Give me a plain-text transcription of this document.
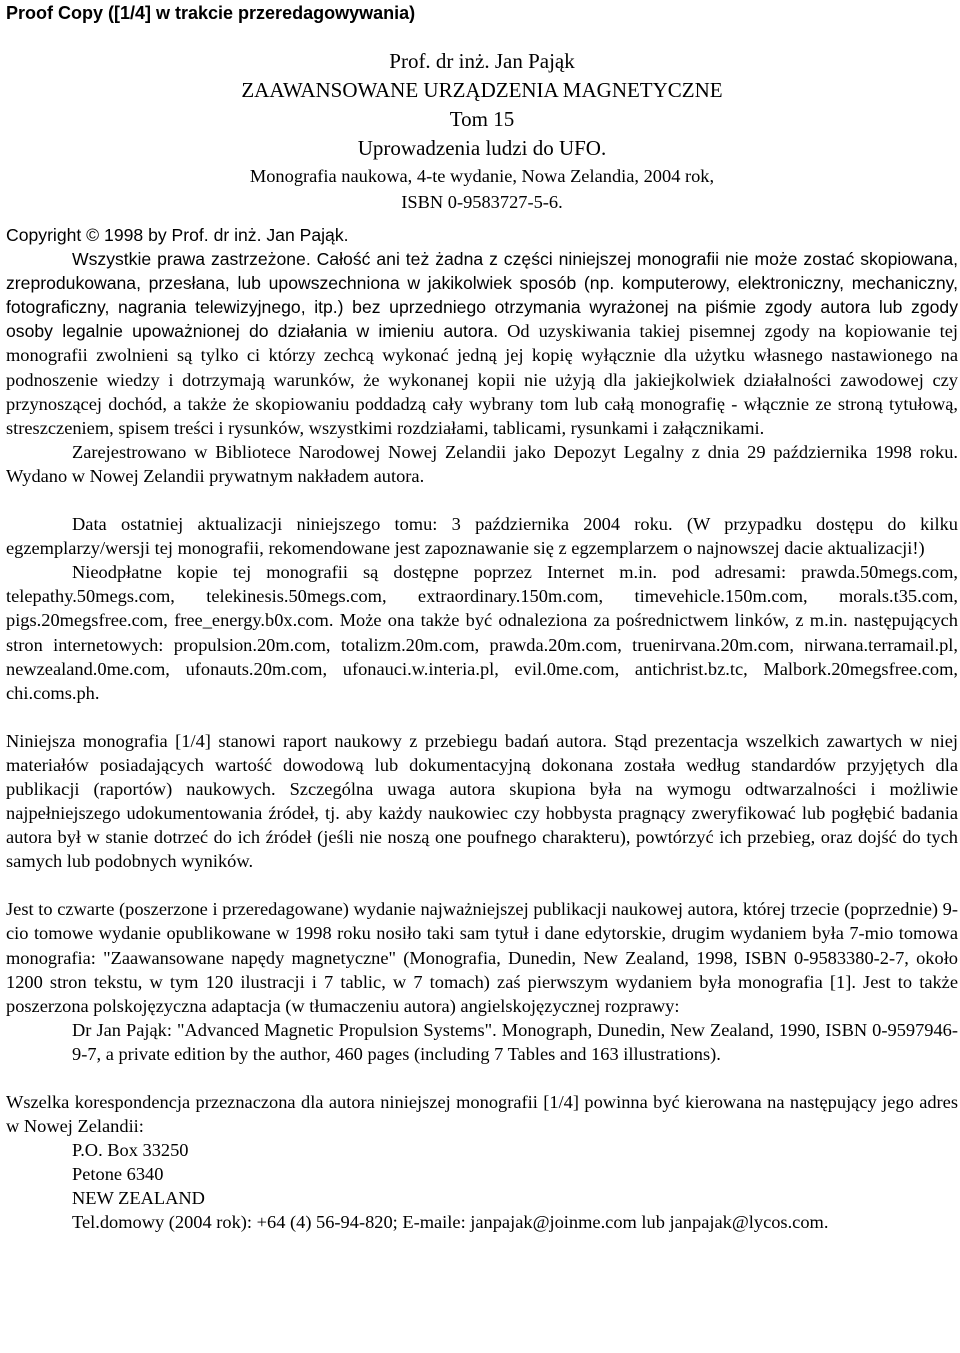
Proof Copy ([1/4] w trakcie przeredagowywania)
Prof. dr inż. Jan Pająk
ZAAWANSOWANE URZĄDZENIA MAGNETYCZNE
Tom 15
Uprowadzenia ludzi do UFO.
Monografia naukowa, 4-te wydanie, Nowa Zelandia, 2004 rok,
ISBN 0-9583727-5-6.
Copyright © 1998 by Prof. dr inż. Jan Pająk.

Wszystkie prawa zastrzeżone. Całość ani też żadna z części niniejszej monografii nie może zostać skopiowana, zreprodukowana, przesłana, lub upowszechniona w jakikolwiek sposób (np. komputerowy, elektroniczny, mechaniczny, fotograficzny, nagrania telewizyjnego, itp.) bez uprzedniego otrzymania wyrażonej na piśmie zgody autora lub zgody osoby legalnie upoważnionej do działania w imieniu autora. Od uzyskiwania takiej pisemnej zgody na kopiowanie tej monografii zwolnieni są tylko ci którzy zechcą wykonać jedną jej kopię wyłącznie dla użytku własnego nastawionego na podnoszenie wiedzy i dotrzymają warunków, że wykonanej kopii nie użyją dla jakiejkolwiek działalności zawodowej czy przynoszącej dochód, a także że skopiowaniu poddadzą cały wybrany tom lub całą monografię - włącznie ze stroną tytułową, streszczeniem, spisem treści i rysunków, wszystkimi rozdziałami, tablicami, rysunkami i załącznikami.

Zarejestrowano w Bibliotece Narodowej Nowej Zelandii jako Depozyt Legalny z dnia 29 października 1998 roku. Wydano w Nowej Zelandii prywatnym nakładem autora.

Data ostatniej aktualizacji niniejszego tomu: 3 października 2004 roku. (W przypadku dostępu do kilku egzemplarzy/wersji tej monografii, rekomendowane jest zapoznawanie się z egzemplarzem o najnowszej dacie aktualizacji!)

Nieodpłatne kopie tej monografii są dostępne poprzez Internet m.in. pod adresami: prawda.50megs.com, telepathy.50megs.com, telekinesis.50megs.com, extraordinary.150m.com, timevehicle.150m.com, morals.t35.com, pigs.20megsfree.com, free_energy.b0x.com. Może ona także być odnaleziona za pośrednictwem linków, z m.in. następujących stron internetowych: propulsion.20m.com, totalizm.20m.com, prawda.20m.com, truenirvana.20m.com, nirwana.terramail.pl, newzealand.0me.com, ufonauts.20m.com, ufonauci.w.interia.pl, evil.0me.com, antichrist.bz.tc, Malbork.20megsfree.com, chi.coms.ph.

Niniejsza monografia [1/4] stanowi raport naukowy z przebiegu badań autora. Stąd prezentacja wszelkich zawartych w niej materiałów posiadających wartość dowodową lub dokumentacyjną dokonana została według standardów przyjętych dla publikacji (raportów) naukowych. Szczególna uwaga autora skupiona była na wymogu odtwarzalności i możliwie najpełniejszego udokumentowania źródeł, tj. aby każdy naukowiec czy hobbysta pragnący zweryfikować lub pogłębić badania autora był w stanie dotrzeć do ich źródeł (jeśli nie noszą one poufnego charakteru), powtórzyć ich przebieg, oraz dojść do tych samych lub podobnych wyników.

Jest to czwarte (poszerzone i przeredagowane) wydanie najważniejszej publikacji naukowej autora, której trzecie (poprzednie) 9-cio tomowe wydanie opublikowane w 1998 roku nosiło taki sam tytuł i dane edytorskie, drugim wydaniem była 7-mio tomowa monografia: "Zaawansowane napędy magnetyczne" (Monografia, Dunedin, New Zealand, 1998, ISBN 0-9583380-2-7, około 1200 stron tekstu, w tym 120 ilustracji i 7 tablic, w 7 tomach) zaś pierwszym wydaniem była monografia [1]. Jest to także poszerzona polskojęzyczna adaptacja (w tłumaczeniu autora) angielskojęzycznej rozprawy:

Dr Jan Pająk: "Advanced Magnetic Propulsion Systems". Monograph, Dunedin, New Zealand, 1990, ISBN 0-9597946-9-7, a private edition by the author, 460 pages (including 7 Tables and 163 illustrations).

Wszelka korespondencja przeznaczona dla autora niniejszej monografii [1/4] powinna być kierowana na następujący jego adres w Nowej Zelandii:

P.O. Box 33250
Petone 6340
NEW ZEALAND
Tel.domowy (2004 rok): +64 (4) 56-94-820; E-maile: janpajak@joinme.com lub janpajak@lycos.com.
